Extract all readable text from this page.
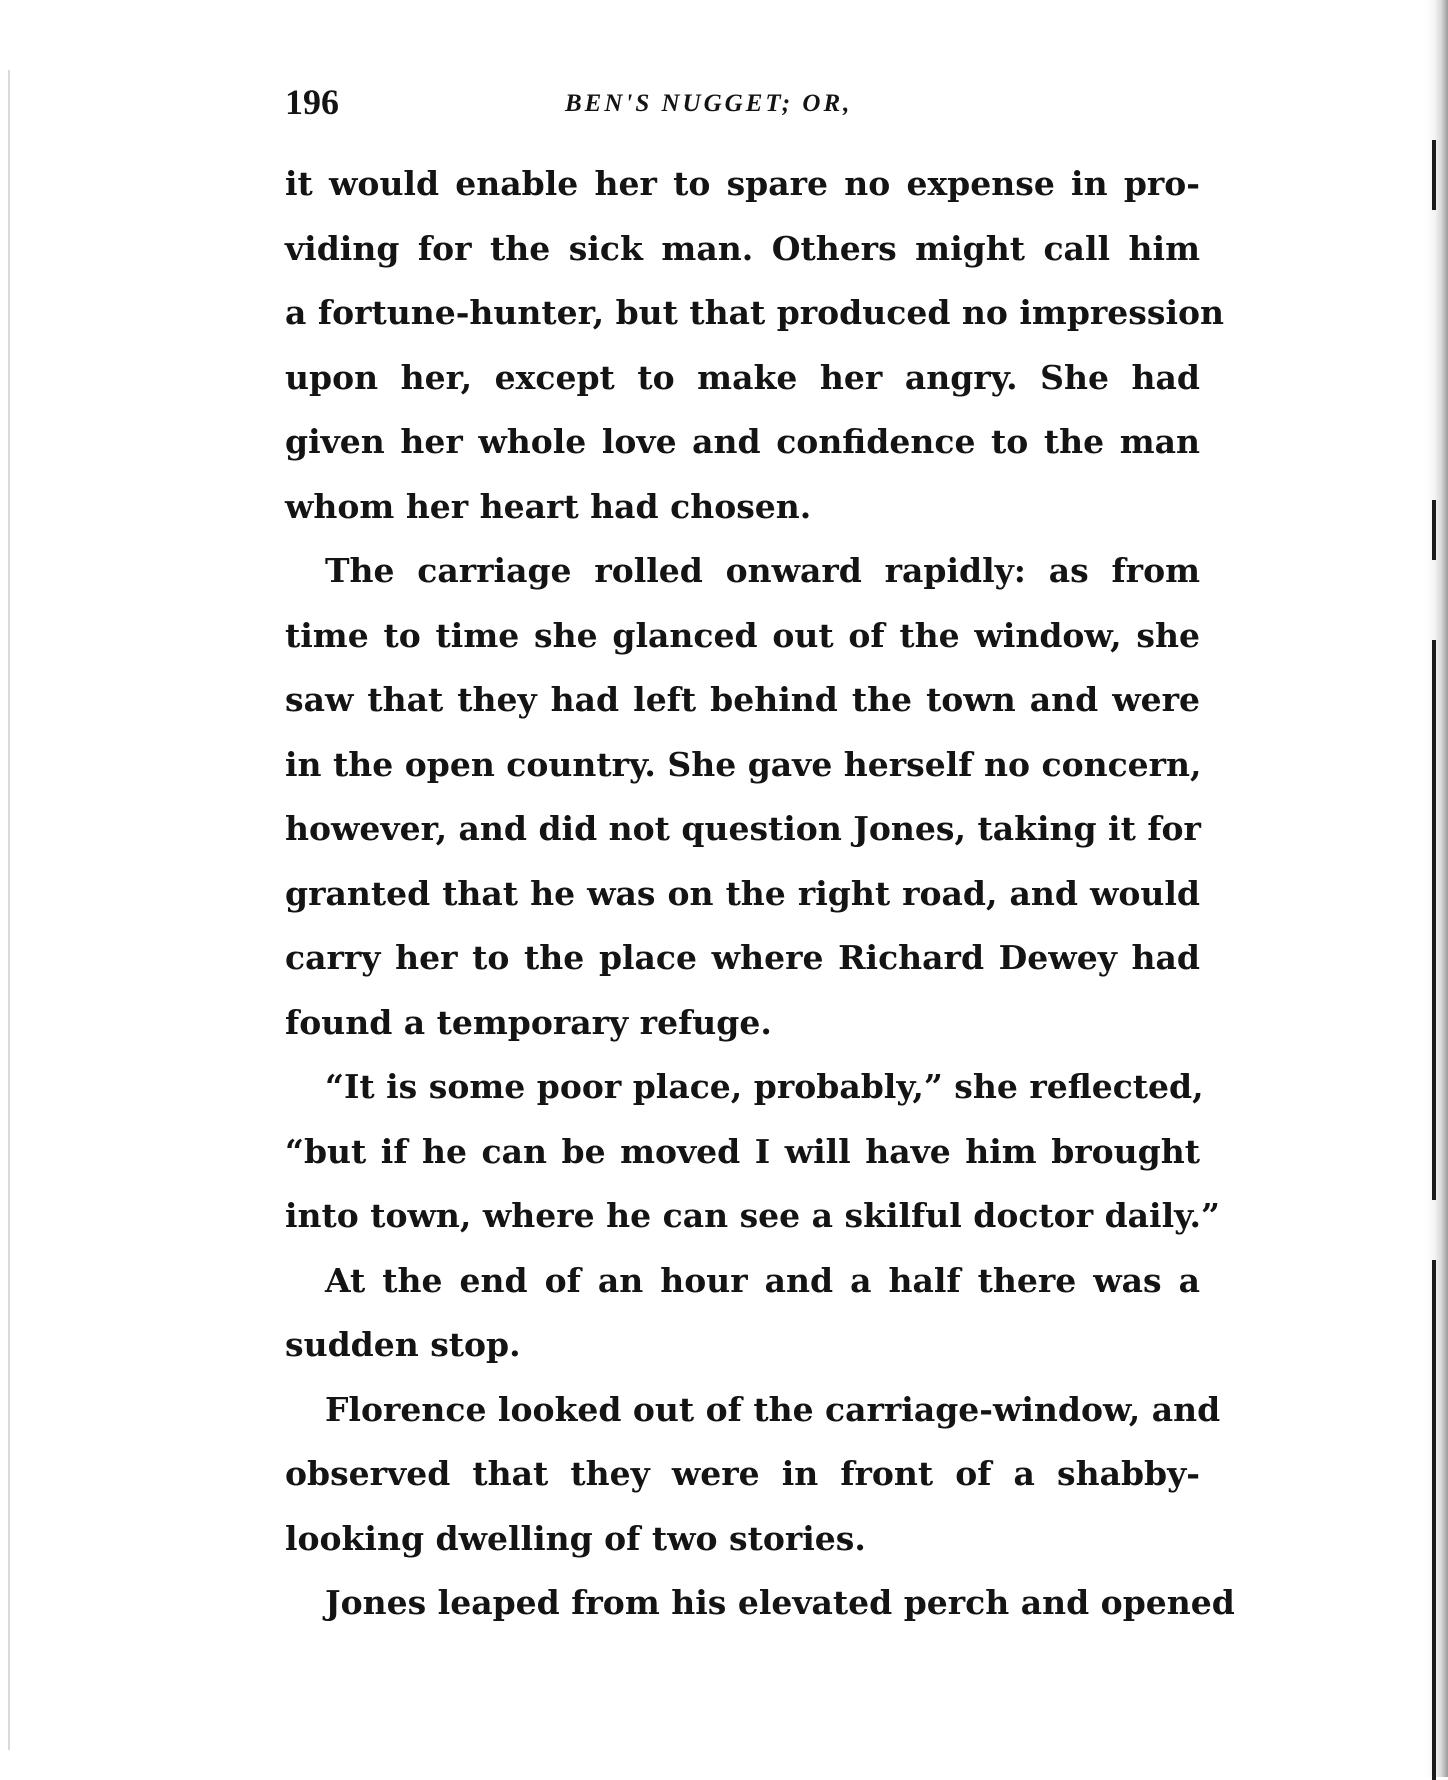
196	BEN'S NUGGET; OR,
it would enable her to spare no expense in pro-
viding for the sick man. Others might call him
a fortune-hunter, but that produced no impression
upon her, except to make her angry. She had
given her whole love and confidence to the man
whom her heart had chosen.
The carriage rolled onward rapidly: as from
time to time she glanced out of the window, she
saw that they had left behind the town and were
in the open country. She gave herself no concern,
however, and did not question Jones, taking it for
granted that he was on the right road, and would
carry her to the place where Richard Dewey had
found a temporary refuge.
“It is some poor place, probably,” she reflected,
“but if he can be moved I will have him brought
into town, where he can see a skilful doctor daily.”
At the end of an hour and a half there was a
sudden stop.
Florence looked out of the carriage-window, and
observed that they were in front of a shabby-
looking dwelling of two stories.
Jones leaped from his elevated perch and opened
